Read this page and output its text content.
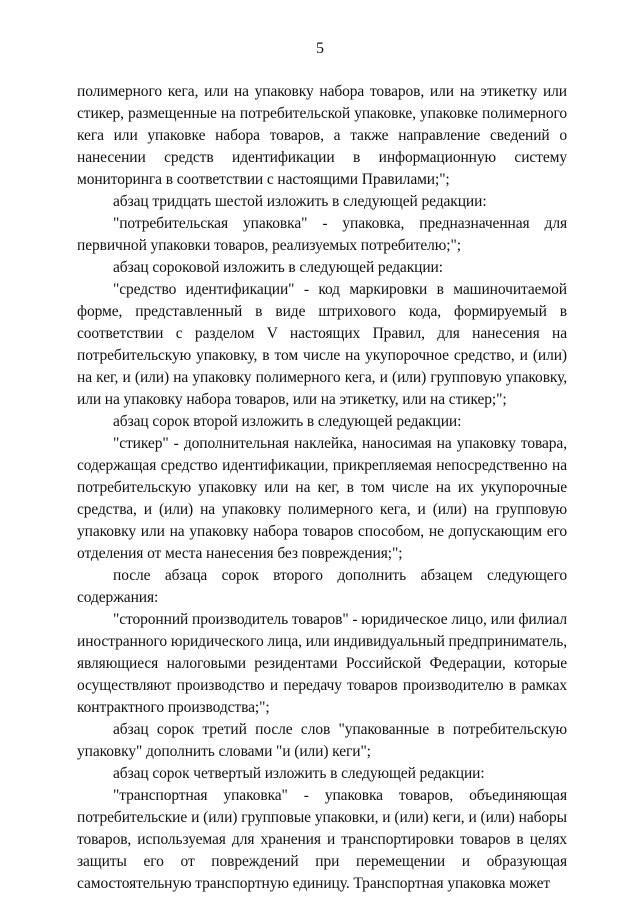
5

полимерного кега, или на упаковку набора товаров, или на этикетку или стикер, размещенные на потребительской упаковке, упаковке полимерного кега или упаковке набора товаров, а также направление сведений о нанесении средств идентификации в информационную систему мониторинга в соответствии с настоящими Правилами;";

абзац тридцать шестой изложить в следующей редакции:

"потребительская упаковка" - упаковка, предназначенная для первичной упаковки товаров, реализуемых потребителю;";

абзац сороковой изложить в следующей редакции:

"средство идентификации" - код маркировки в машиночитаемой форме, представленный в виде штрихового кода, формируемый в соответствии с разделом V настоящих Правил, для нанесения на потребительскую упаковку, в том числе на укупорочное средство, и (или) на кег, и (или) на упаковку полимерного кега, и (или) групповую упаковку, или на упаковку набора товаров, или на этикетку, или на стикер;";

абзац сорок второй изложить в следующей редакции:

"стикер" - дополнительная наклейка, наносимая на упаковку товара, содержащая средство идентификации, прикрепляемая непосредственно на потребительскую упаковку или на кег, в том числе на их укупорочные средства, и (или) на упаковку полимерного кега, и (или) на групповую упаковку или на упаковку набора товаров способом, не допускающим его отделения от места нанесения без повреждения;";

после абзаца сорок второго дополнить абзацем следующего содержания:

"сторонний производитель товаров" - юридическое лицо, или филиал иностранного юридического лица, или индивидуальный предприниматель, являющиеся налоговыми резидентами Российской Федерации, которые осуществляют производство и передачу товаров производителю в рамках контрактного производства;";

абзац сорок третий после слов "упакованные в потребительскую упаковку" дополнить словами "и (или) кеги";

абзац сорок четвертый изложить в следующей редакции:

"транспортная упаковка" - упаковка товаров, объединяющая потребительские и (или) групповые упаковки, и (или) кеги, и (или) наборы товаров, используемая для хранения и транспортировки товаров в целях защиты его от повреждений при перемещении и образующая самостоятельную транспортную единицу. Транспортная упаковка может
